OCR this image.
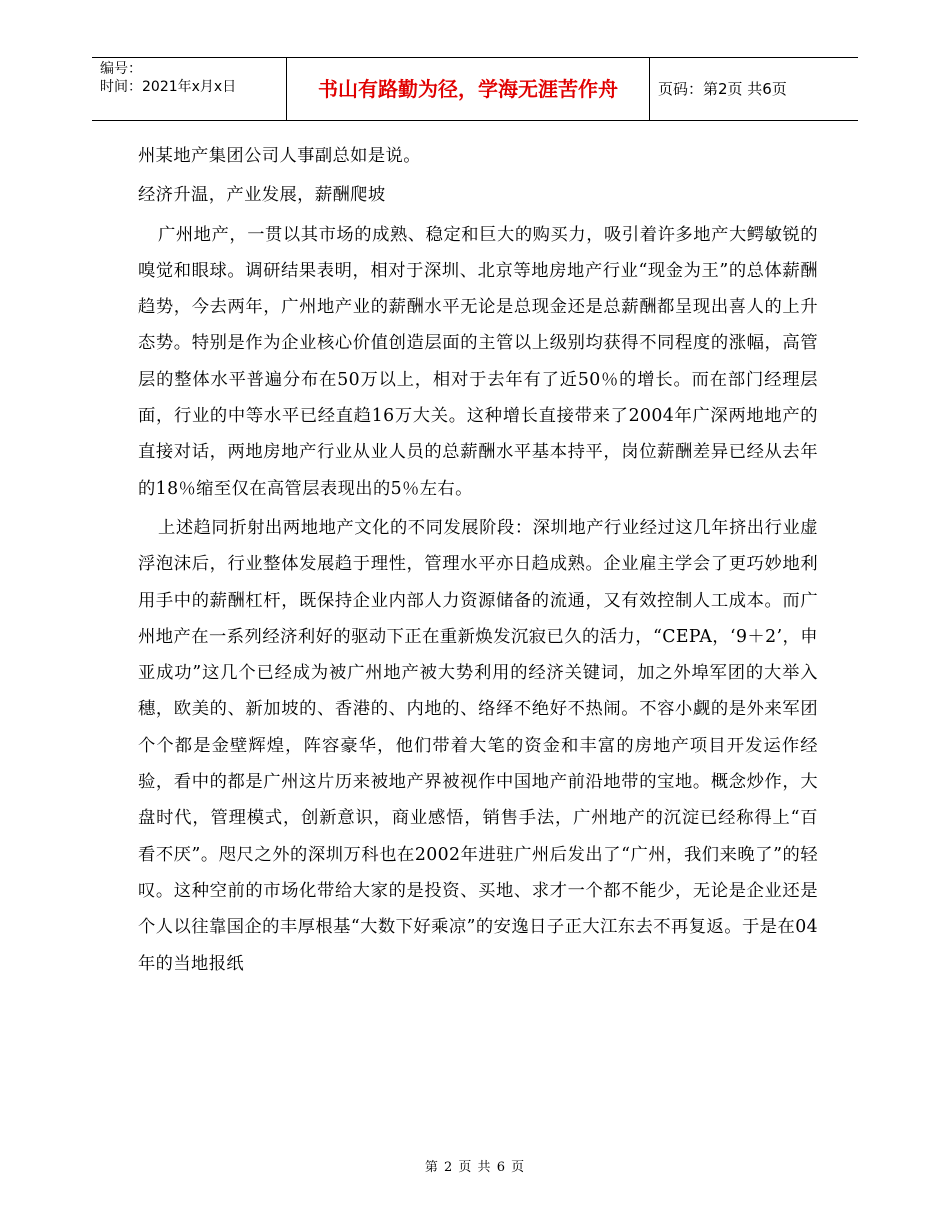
编号：
时间：2021年x月x日	书山有路勤为径，学海无涯苦作舟	页码：第2页 共6页

州某地产集团公司人事副总如是说。

经济升温，产业发展，薪酬爬坡

广州地产，一贯以其市场的成熟、稳定和巨大的购买力，吸引着许多地产大鳄敏锐的嗅觉和眼球。调研结果表明，相对于深圳、北京等地房地产行业“现金为王”的总体薪酬趋势，今去两年，广州地产业的薪酬水平无论是总现金还是总薪酬都呈现出喜人的上升态势。特别是作为企业核心价值创造层面的主管以上级别均获得不同程度的涨幅，高管层的整体水平普遍分布在50万以上，相对于去年有了近50％的增长。而在部门经理层面，行业的中等水平已经直趋16万大关。这种增长直接带来了2004年广深两地地产的直接对话，两地房地产行业从业人员的总薪酬水平基本持平，岗位薪酬差异已经从去年的18％缩至仅在高管层表现出的5％左右。

上述趋同折射出两地地产文化的不同发展阶段：深圳地产行业经过这几年挤出行业虚浮泡沫后，行业整体发展趋于理性，管理水平亦日趋成熟。企业雇主学会了更巧妙地利用手中的薪酬杠杆，既保持企业内部人力资源储备的流通，又有效控制人工成本。而广州地产在一系列经济利好的驱动下正在重新焕发沉寂已久的活力，“CEPA，‘9＋2’，申亚成功”这几个已经成为被广州地产被大势利用的经济关键词，加之外埠军团的大举入穗，欧美的、新加坡的、香港的、内地的、络绎不绝好不热闹。不容小觑的是外来军团个个都是金壁辉煌，阵容豪华，他们带着大笔的资金和丰富的房地产项目开发运作经验，看中的都是广州这片历来被地产界被视作中国地产前沿地带的宝地。概念炒作，大盘时代，管理模式，创新意识，商业感悟，销售手法，广州地产的沉淀已经称得上“百看不厌”。咫尺之外的深圳万科也在2002年进驻广州后发出了“广州，我们来晚了”的轻叹。这种空前的市场化带给大家的是投资、买地、求才一个都不能少，无论是企业还是个人以往靠国企的丰厚根基“大数下好乘凉”的安逸日子正大江东去不再复返。于是在04年的当地报纸

第 2 页 共 6 页
